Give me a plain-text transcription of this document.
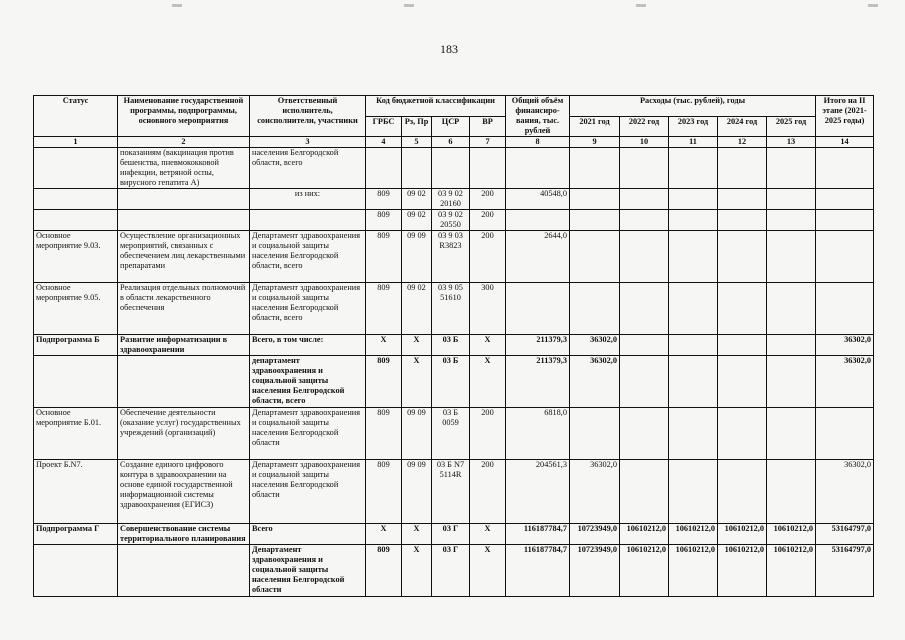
183
Статус	Наименование государственной программы, подпрограммы, основного мероприятия	Ответственный исполнитель, соисполнители, участники	Код бюджетной классификации				Общий объём финансиро-вания, тыс. рублей	Расходы (тыс. рублей), годы					Итого на II этапе (2021-2025 годы)
			ГРБС	Рз, Пр	ЦСР	ВР		2021 год	2022 год	2023 год	2024 год	2025 год	
1	2	3	4	5	6	7	8	9	10	11	12	13	14
	показаниям (вакцинация против бешенства, пневмококковой инфекции, ветряной оспы, вирусного гепатита А)	населения Белгородской области, всего											
		из них:	809	09 02	03 9 02 20160	200	40548,0						
			809	09 02	03 9 02 20550	200							
Основное мероприятие 9.03.	Осуществление организационных мероприятий, связанных с обеспечением лиц лекарственными препаратами	Департамент здравоохранения и социальной защиты населения Белгородской области, всего	809	09 09	03 9 03 R3823	200	2644,0						
Основное мероприятие 9.05.	Реализация отдельных полномочий в области лекарственного обеспечения	Департамент здравоохранения и социальной защиты населения Белгородской области, всего	809	09 02	03 9 05 51610	300							
Подпрограмма Б	Развитие информатизации в здравоохранении	Всего, в том числе:	Х	Х	03 Б	Х	211379,3	36302,0					36302,0
		департамент здравоохранения и социальной защиты населения Белгородской области, всего	809	Х	03 Б	Х	211379,3	36302,0					36302,0
Основное мероприятие Б.01.	Обеспечение деятельности (оказание услуг) государственных учреждений (организаций)	Департамент здравоохранения и социальной защиты населения Белгородской области	809	09 09	03 Б 0059	200	6818,0						
Проект Б.N7.	Создание единого цифрового контура в здравоохранении на основе единой государственной информационной системы здравоохранения (ЕГИСЗ)	Департамент здравоохранения и социальной защиты населения Белгородской области	809	09 09	03 Б N7 5114R	200	204561,3	36302,0					36302,0
Подпрограмма Г	Совершенствование системы территориального планирования	Всего	Х	Х	03 Г	Х	116187784,7	10723949,0	10610212,0	10610212,0	10610212,0	10610212,0	53164797,0
		Департамент здравоохранения и социальной защиты населения Белгородской области	809	Х	03 Г	Х	116187784,7	10723949,0	10610212,0	10610212,0	10610212,0	10610212,0	53164797,0
